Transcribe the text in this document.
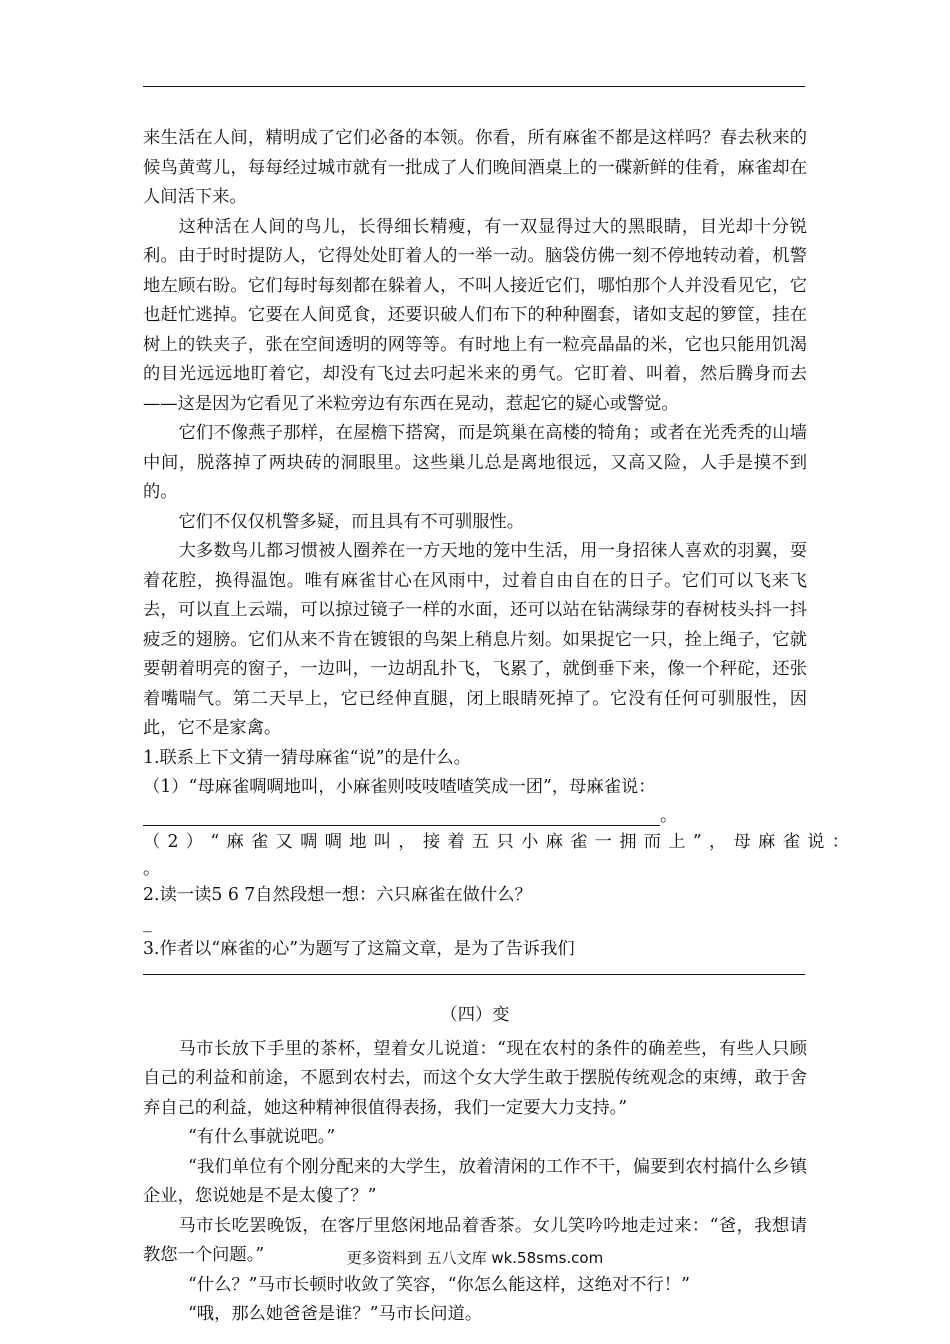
来生活在人间，精明成了它们必备的本领。你看，所有麻雀不都是这样吗？春去秋来的候鸟黄莺儿，每每经过城市就有一批成了人们晚间酒桌上的一碟新鲜的佳肴，麻雀却在人间活下来。

这种活在人间的鸟儿，长得细长精瘦，有一双显得过大的黑眼睛，目光却十分锐利。由于时时提防人，它得处处盯着人的一举一动。脑袋仿佛一刻不停地转动着，机警地左顾右盼。它们每时每刻都在躲着人，不叫人接近它们，哪怕那个人并没看见它，它也赶忙逃掉。它要在人间觅食，还要识破人们布下的种种圈套，诸如支起的箩筐，挂在树上的铁夹子，张在空间透明的网等等。有时地上有一粒亮晶晶的米，它也只能用饥渴的目光远远地盯着它，却没有飞过去叼起米来的勇气。它盯着、叫着，然后腾身而去——这是因为它看见了米粒旁边有东西在晃动，惹起它的疑心或警觉。

它们不像燕子那样，在屋檐下搭窝，而是筑巢在高楼的犄角；或者在光秃秃的山墙中间，脱落掉了两块砖的洞眼里。这些巢儿总是离地很远，又高又险，人手是摸不到的。

它们不仅仅机警多疑，而且具有不可驯服性。

大多数鸟儿都习惯被人圈养在一方天地的笼中生活，用一身招徕人喜欢的羽翼，耍着花腔，换得温饱。唯有麻雀甘心在风雨中，过着自由自在的日子。它们可以飞来飞去，可以直上云端，可以掠过镜子一样的水面，还可以站在钻满绿芽的春树枝头抖一抖疲乏的翅膀。它们从来不肯在镀银的鸟架上稍息片刻。如果捉它一只，拴上绳子，它就要朝着明亮的窗子，一边叫，一边胡乱扑飞，飞累了，就倒垂下来，像一个秤砣，还张着嘴喘气。第二天早上，它已经伸直腿，闭上眼睛死掉了。它没有任何可驯服性，因此，它不是家禽。

1.联系上下文猜一猜母麻雀“说”的是什么。

（1）“母麻雀啁啁地叫，小麻雀则吱吱喳喳笑成一团”，母麻雀说：

。

（2）“麻雀又啁啁地叫，接着五只小麻雀一拥而上”，母麻雀说：

。

2.读一读5 6 7自然段想一想：六只麻雀在做什么？

_

3.作者以“麻雀的心”为题写了这篇文章，是为了告诉我们

（四）变

马市长放下手里的茶杯，望着女儿说道：“现在农村的条件的确差些，有些人只顾自己的利益和前途，不愿到农村去，而这个女大学生敢于摆脱传统观念的束缚，敢于舍弃自己的利益，她这种精神很值得表扬，我们一定要大力支持。”

“有什么事就说吧。”

“我们单位有个刚分配来的大学生，放着清闲的工作不干，偏要到农村搞什么乡镇企业，您说她是不是太傻了？”

马市长吃罢晚饭，在客厅里悠闲地品着香茶。女儿笑吟吟地走过来：“爸，我想请教您一个问题。”

“什么？”马市长顿时收敛了笑容，“你怎么能这样，这绝对不行！”

“哦，那么她爸爸是谁？”马市长问道。

更多资料到 五八文库 wk.58sms.com
